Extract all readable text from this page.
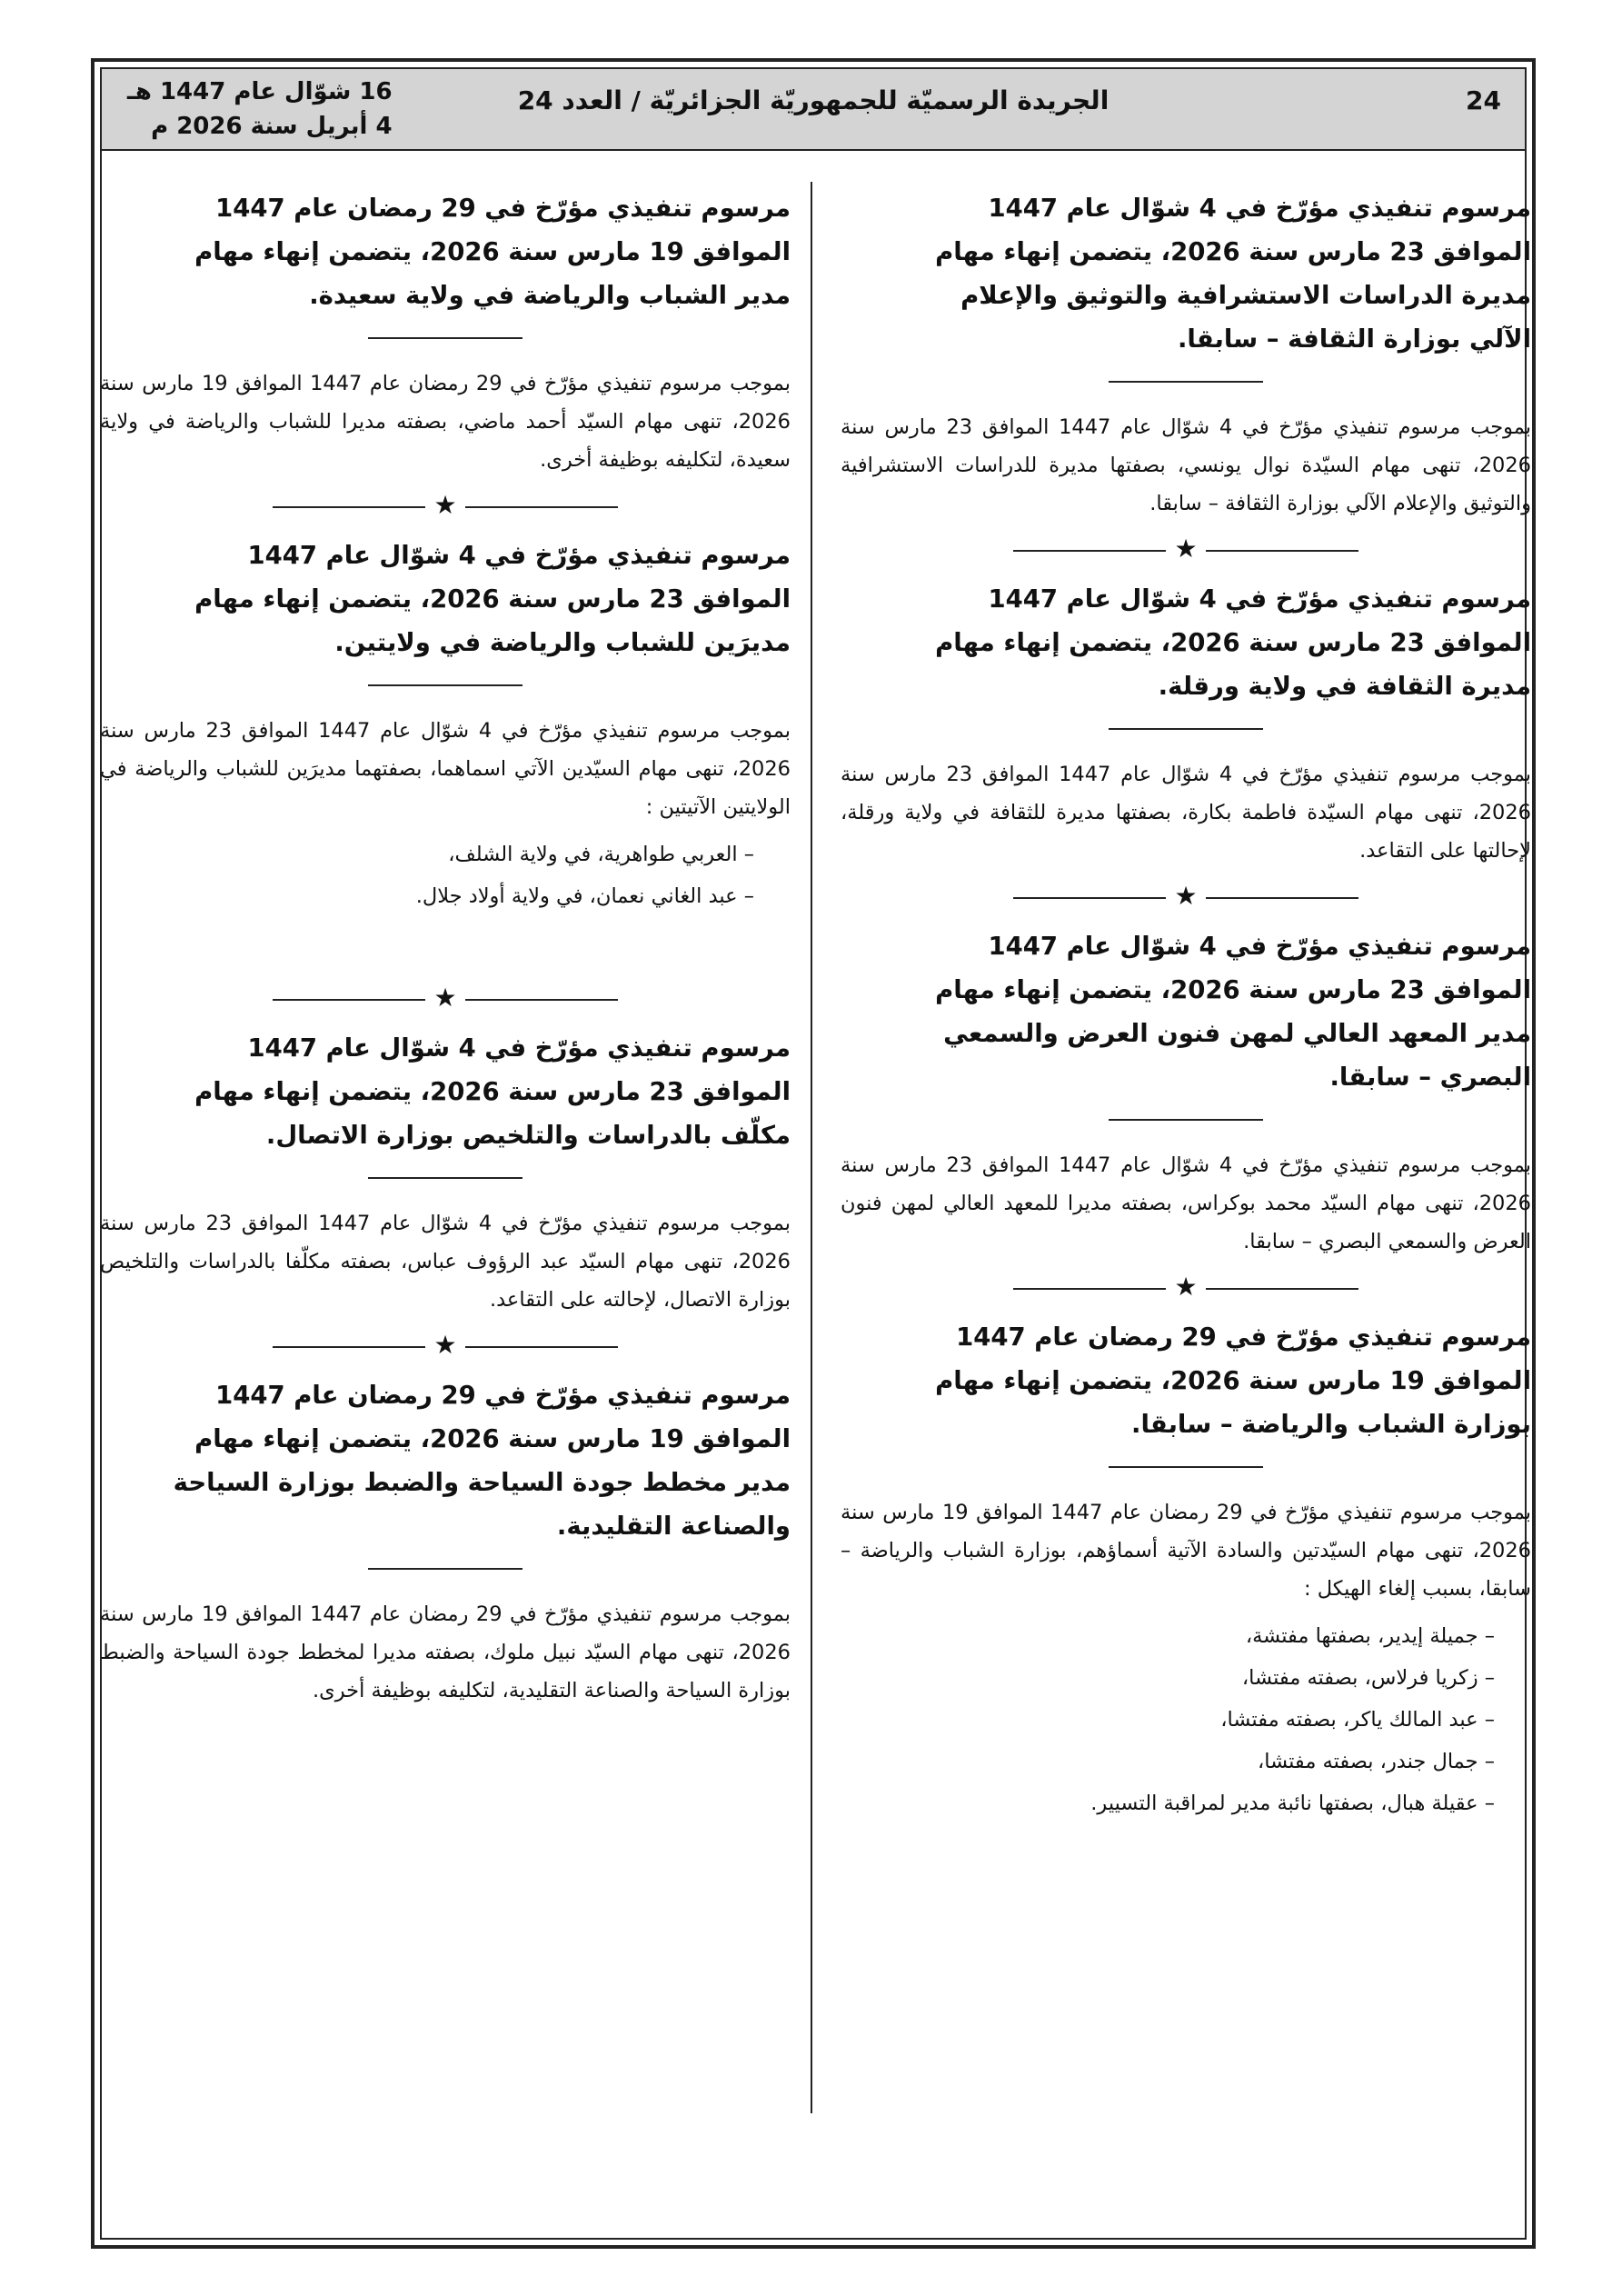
24
الجريدة الرسميّة للجمهوريّة الجزائريّة / العدد 24
16 شوّال عام 1447 هـ
4 أبريل سنة 2026 م

مرسوم تنفيذي مؤرّخ في 4 شوّال عام 1447 الموافق 23 مارس سنة 2026، يتضمن إنهاء مهام مديرة الدراسات الاستشرافية والتوثيق والإعلام الآلي بوزارة الثقافة – سابقا.

بموجب مرسوم تنفيذي مؤرّخ في 4 شوّال عام 1447 الموافق 23 مارس سنة 2026، تنهى مهام السيّدة نوال يونسي، بصفتها مديرة للدراسات الاستشرافية والتوثيق والإعلام الآلي بوزارة الثقافة – سابقا.

★

مرسوم تنفيذي مؤرّخ في 4 شوّال عام 1447 الموافق 23 مارس سنة 2026، يتضمن إنهاء مهام مديرة الثقافة في ولاية ورقلة.

بموجب مرسوم تنفيذي مؤرّخ في 4 شوّال عام 1447 الموافق 23 مارس سنة 2026، تنهى مهام السيّدة فاطمة بكارة، بصفتها مديرة للثقافة في ولاية ورقلة، لإحالتها على التقاعد.

★

مرسوم تنفيذي مؤرّخ في 4 شوّال عام 1447 الموافق 23 مارس سنة 2026، يتضمن إنهاء مهام مدير المعهد العالي لمهن فنون العرض والسمعي البصري – سابقا.

بموجب مرسوم تنفيذي مؤرّخ في 4 شوّال عام 1447 الموافق 23 مارس سنة 2026، تنهى مهام السيّد محمد بوكراس، بصفته مديرا للمعهد العالي لمهن فنون العرض والسمعي البصري – سابقا.

★

مرسوم تنفيذي مؤرّخ في 29 رمضان عام 1447 الموافق 19 مارس سنة 2026، يتضمن إنهاء مهام بوزارة الشباب والرياضة – سابقا.

بموجب مرسوم تنفيذي مؤرّخ في 29 رمضان عام 1447 الموافق 19 مارس سنة 2026، تنهى مهام السيّدتين والسادة الآتية أسماؤهم، بوزارة الشباب والرياضة – سابقا، بسبب إلغاء الهيكل :

– جميلة إيدير، بصفتها مفتشة،
– زكريا فرلاس، بصفته مفتشا،
– عبد المالك ياكر، بصفته مفتشا،
– جمال جندر، بصفته مفتشا،
– عقيلة هبال، بصفتها نائبة مدير لمراقبة التسيير.

مرسوم تنفيذي مؤرّخ في 29 رمضان عام 1447 الموافق 19 مارس سنة 2026، يتضمن إنهاء مهام مدير الشباب والرياضة في ولاية سعيدة.

بموجب مرسوم تنفيذي مؤرّخ في 29 رمضان عام 1447 الموافق 19 مارس سنة 2026، تنهى مهام السيّد أحمد ماضي، بصفته مديرا للشباب والرياضة في ولاية سعيدة، لتكليفه بوظيفة أخرى.

★

مرسوم تنفيذي مؤرّخ في 4 شوّال عام 1447 الموافق 23 مارس سنة 2026، يتضمن إنهاء مهام مديرَين للشباب والرياضة في ولايتين.

بموجب مرسوم تنفيذي مؤرّخ في 4 شوّال عام 1447 الموافق 23 مارس سنة 2026، تنهى مهام السيّدين الآتي اسماهما، بصفتهما مديرَين للشباب والرياضة في الولايتين الآتيتين :

– العربي طواهرية، في ولاية الشلف،
– عبد الغاني نعمان، في ولاية أولاد جلال.
★

مرسوم تنفيذي مؤرّخ في 4 شوّال عام 1447 الموافق 23 مارس سنة 2026، يتضمن إنهاء مهام مكلّف بالدراسات والتلخيص بوزارة الاتصال.

بموجب مرسوم تنفيذي مؤرّخ في 4 شوّال عام 1447 الموافق 23 مارس سنة 2026، تنهى مهام السيّد عبد الرؤوف عباس، بصفته مكلّفا بالدراسات والتلخيص بوزارة الاتصال، لإحالته على التقاعد.

★

مرسوم تنفيذي مؤرّخ في 29 رمضان عام 1447 الموافق 19 مارس سنة 2026، يتضمن إنهاء مهام مدير مخطط جودة السياحة والضبط بوزارة السياحة والصناعة التقليدية.

بموجب مرسوم تنفيذي مؤرّخ في 29 رمضان عام 1447 الموافق 19 مارس سنة 2026، تنهى مهام السيّد نبيل ملوك، بصفته مديرا لمخطط جودة السياحة والضبط بوزارة السياحة والصناعة التقليدية، لتكليفه بوظيفة أخرى.
